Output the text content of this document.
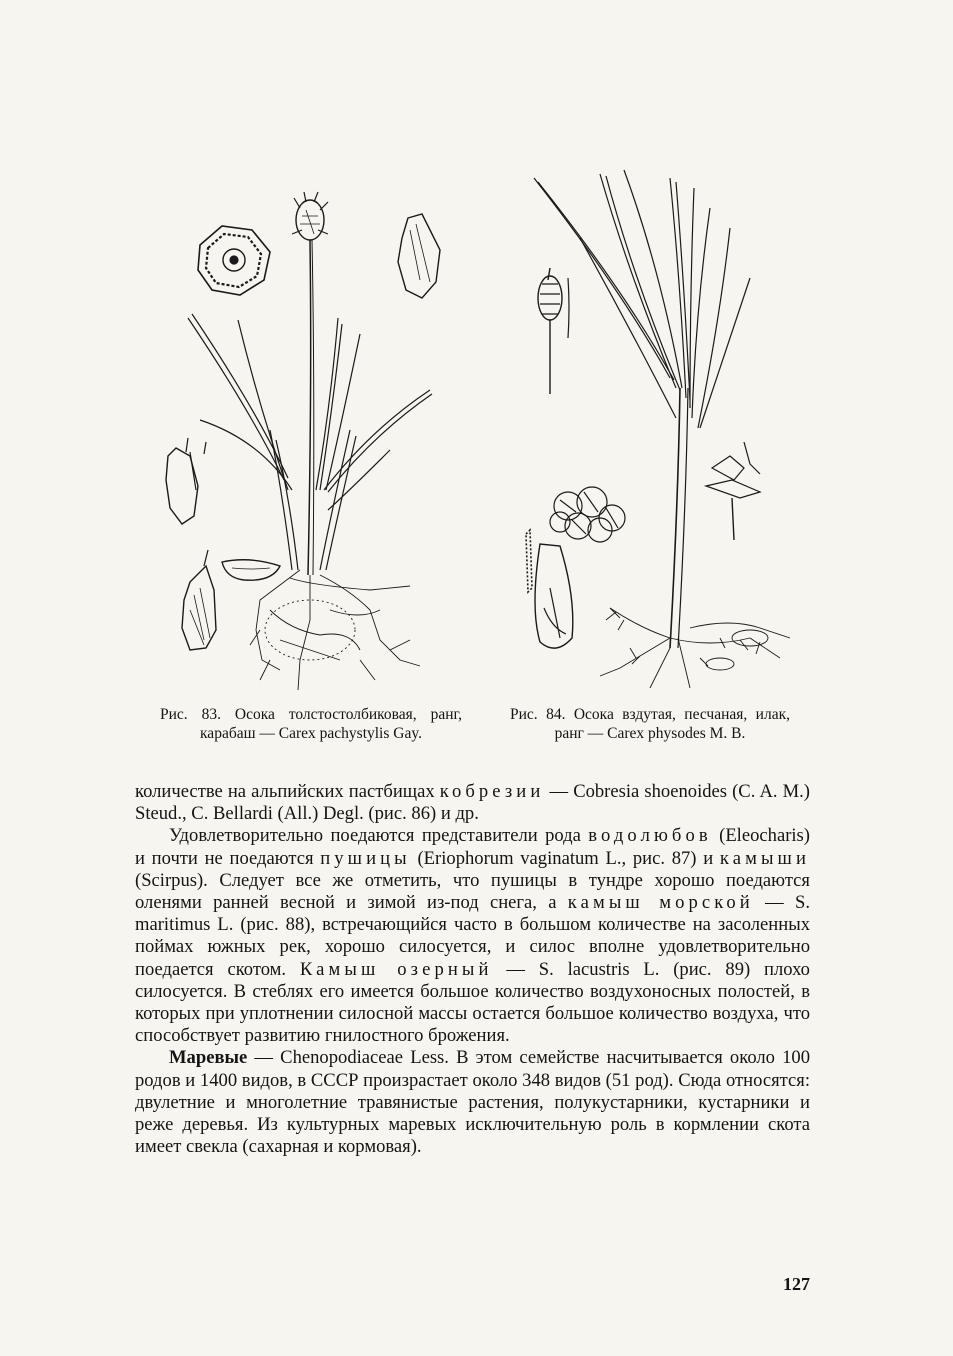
Рис. 83. Осока толстостолбиковая, ранг, карабаш — Carex pachystylis Gay.
Рис. 84. Осока вздутая, песчаная, илак, ранг — Carex physodes M. B.

количестве на альпийских пастбищах кобрезии — Cobresia shoenoides (C. A. M.) Steud., C. Bellardi (All.) Degl. (рис. 86) и др.

Удовлетворительно поедаются представители рода водолюбов (Eleocharis) и почти не поедаются пушицы (Eriophorum vaginatum L., рис. 87) и камыши (Scirpus). Следует все же отметить, что пушицы в тундре хорошо поедаются оленями ранней весной и зимой из-под снега, а камыш морской — S. maritimus L. (рис. 88), встречающийся часто в большом количестве на засоленных поймах южных рек, хорошо силосуется, и силос вполне удовлетворительно поедается скотом. Камыш озерный — S. lacustris L. (рис. 89) плохо силосуется. В стеблях его имеется большое количество воздухоносных полостей, в которых при уплотнении силосной массы остается большое количество воздуха, что способствует развитию гнилостного брожения.

Маревые — Chenopodiaceae Less. В этом семействе насчитывается около 100 родов и 1400 видов, в СССР произрастает около 348 видов (51 род). Сюда относятся: двулетние и многолетние травянистые растения, полукустарники, кустарники и реже деревья. Из культурных маревых исключительную роль в кормлении скота имеет свекла (сахарная и кормовая).

127
